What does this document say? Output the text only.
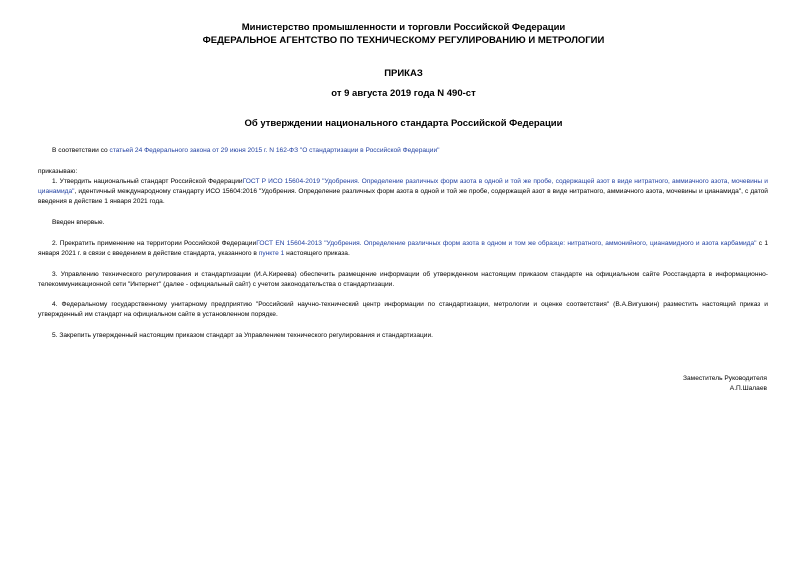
Министерство промышленности и торговли Российской Федерации
ФЕДЕРАЛЬНОЕ АГЕНТСТВО ПО ТЕХНИЧЕСКОМУ РЕГУЛИРОВАНИЮ И МЕТРОЛОГИИ
ПРИКАЗ
от 9 августа 2019 года N 490-ст
Об утверждении национального стандарта Российской Федерации
В соответствии со статьей 24 Федерального закона от 29 июня 2015 г. N 162-ФЗ "О стандартизации в Российской Федерации"
приказываю:
1. Утвердить национальный стандарт Российской ФедерацииГОСТ Р ИСО 15604-2019 "Удобрения. Определение различных форм азота в одной и той же пробе, содержащей азот в виде нитратного, аммиачного азота, мочевины и цианамида", идентичный международному стандарту ИСО 15604:2016 "Удобрения. Определение различных форм азота в одной и той же пробе, содержащей азот в виде нитратного, аммиачного азота, мочевины и цианамида", с датой введения в действие 1 января 2021 года.
Введен впервые.
2. Прекратить применение на территории Российской ФедерацииГОСТ EN 15604-2013 "Удобрения. Определение различных форм азота в одном и том же образце: нитратного, аммонийного, цианамидного и азота карбамида" с 1 января 2021 г. в связи с введением в действие стандарта, указанного в пункте 1 настоящего приказа.
3. Управлению технического регулирования и стандартизации (И.А.Киреева) обеспечить размещение информации об утвержденном настоящим приказом стандарте на официальном сайте Росстандарта в информационно-телекоммуникационной сети "Интернет" (далее - официальный сайт) с учетом законодательства о стандартизации.
4. Федеральному государственному унитарному предприятию "Российский научно-технический центр информации по стандартизации, метрологии и оценке соответствия" (В.А.Вигушкин) разместить настоящий приказ и утвержденный им стандарт на официальном сайте в установленном порядке.
5. Закрепить утвержденный настоящим приказом стандарт за Управлением технического регулирования и стандартизации.
Заместитель Руководителя
А.П.Шалаев
